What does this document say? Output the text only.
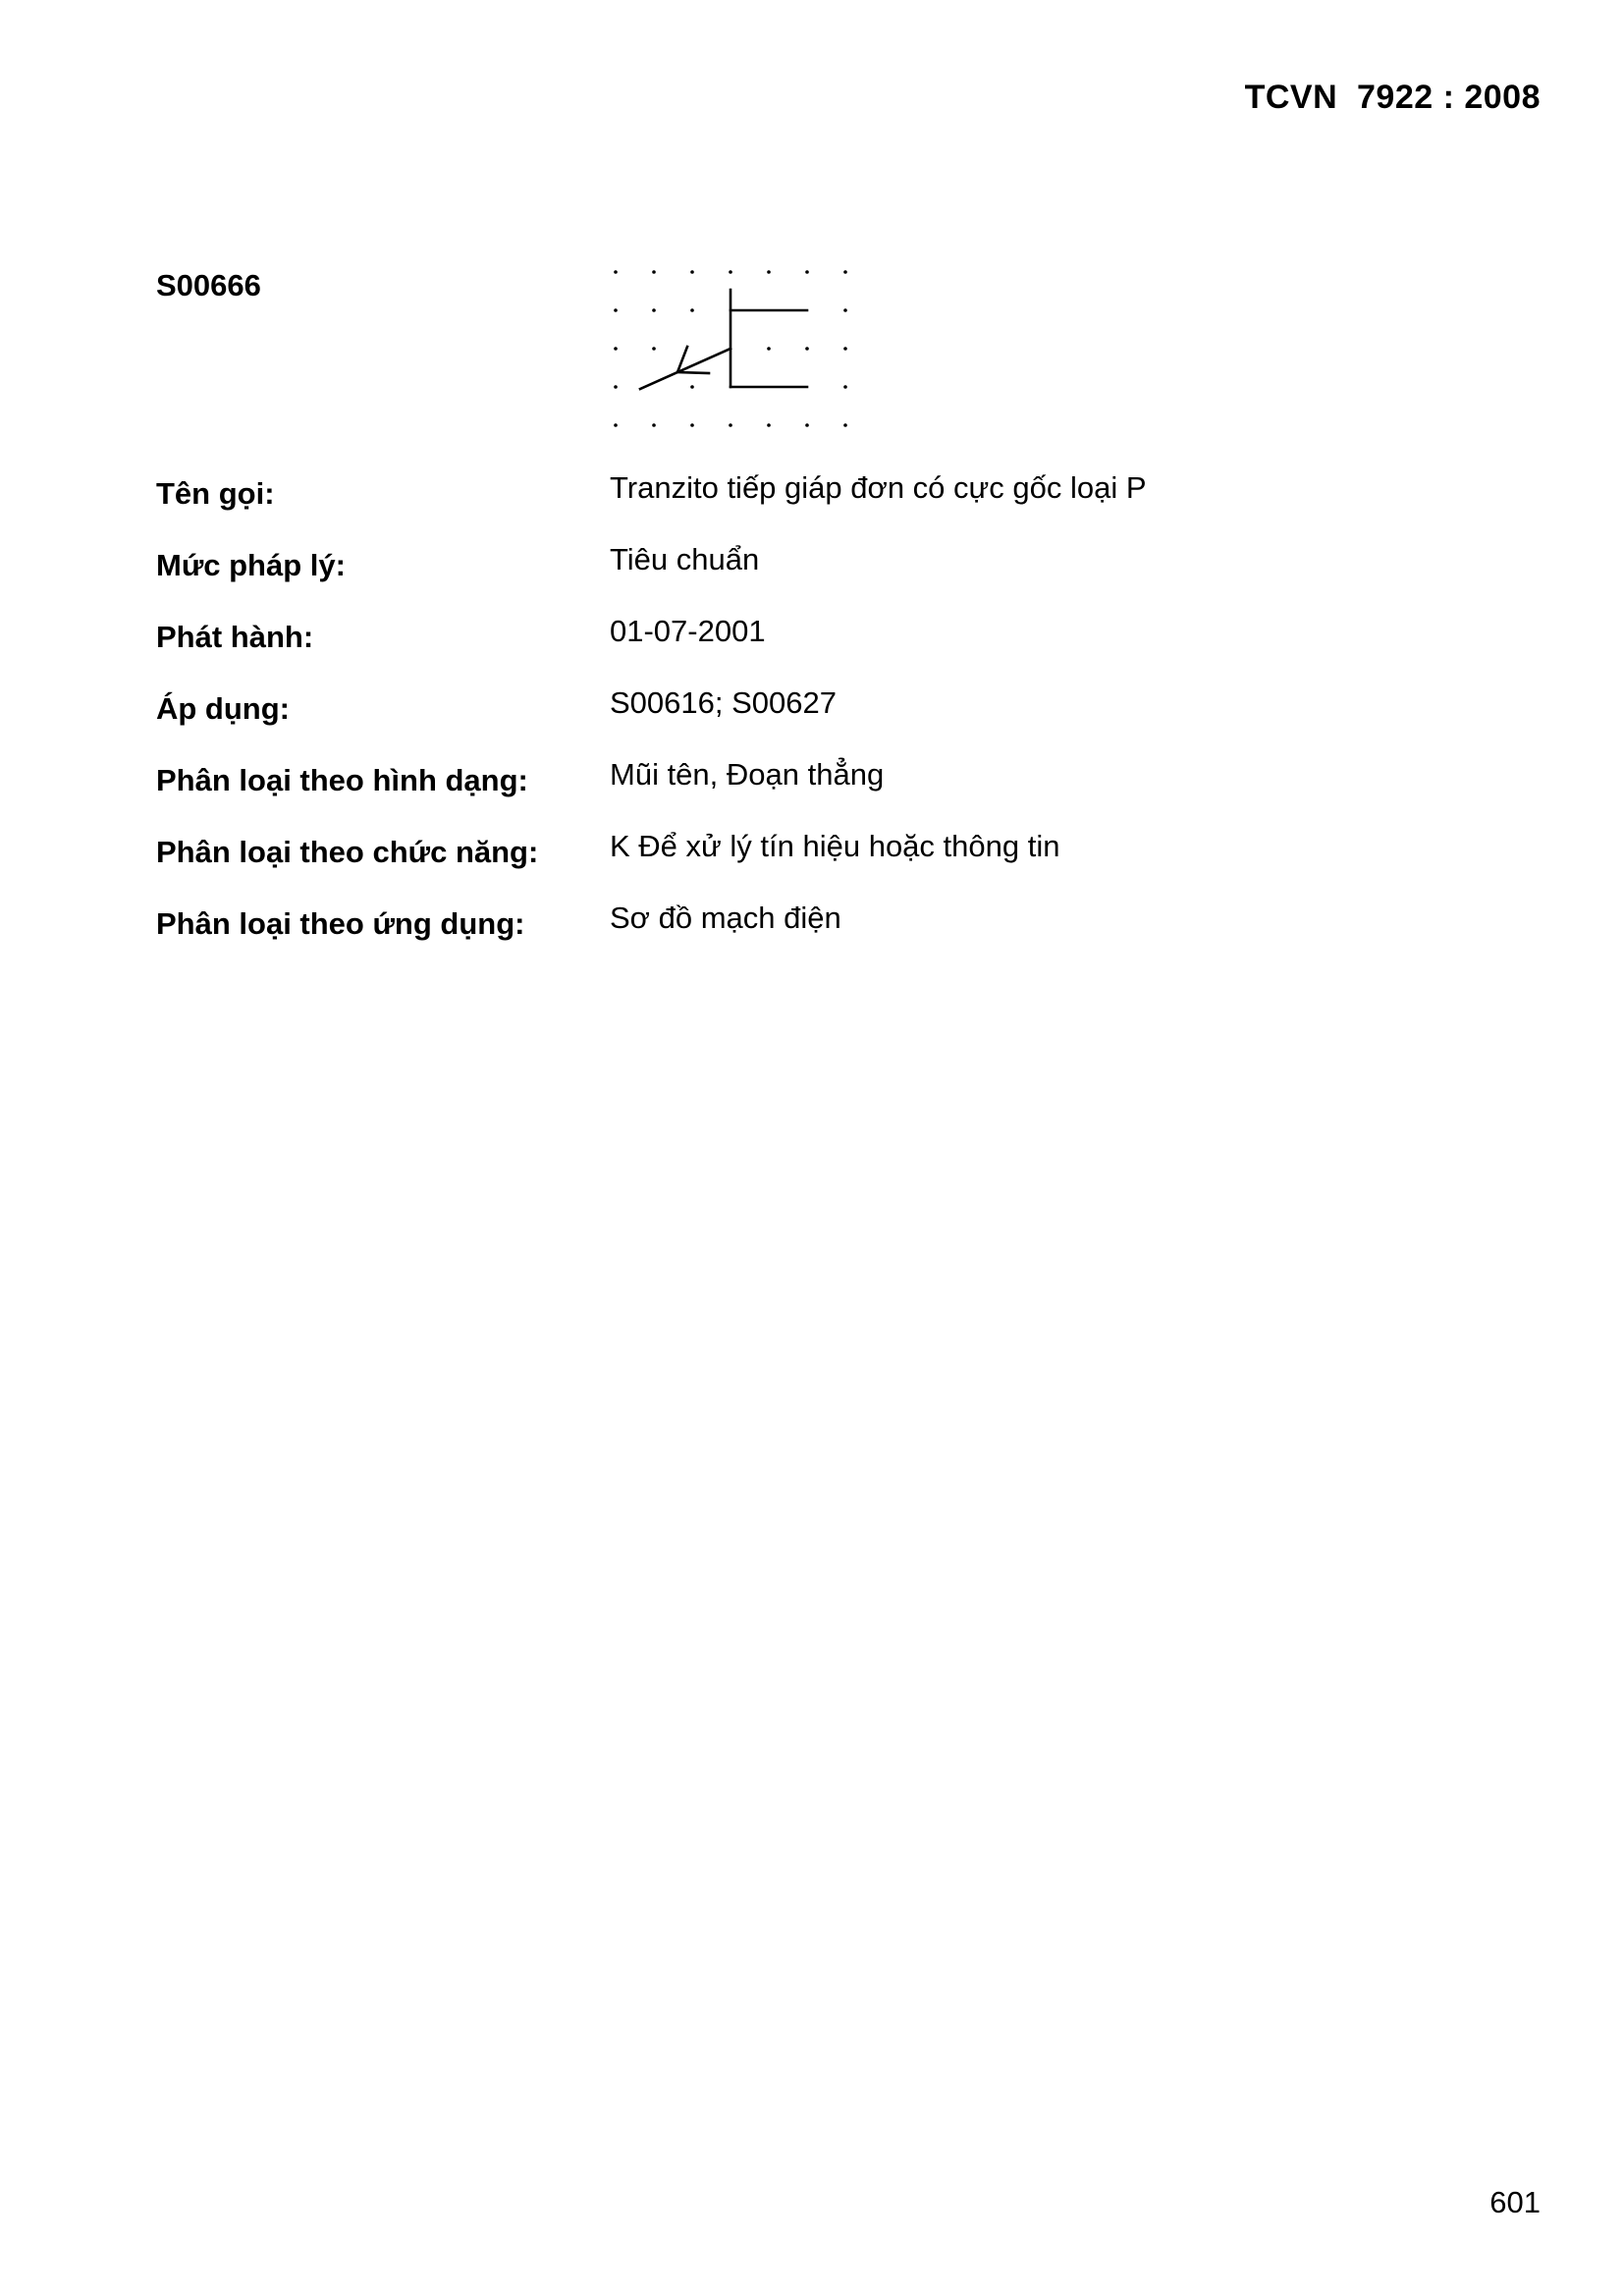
TCVN  7922 : 2008
S00666
Tên gọi:	Tranzito tiếp giáp đơn có cực gốc loại P
Mức pháp lý:	Tiêu chuẩn
Phát hành:	01-07-2001
Áp dụng:	S00616; S00627
Phân loại theo hình dạng:	Mũi tên, Đoạn thẳng
Phân loại theo chức năng: K Để xử lý tín hiệu hoặc thông tin
Phân loại theo ứng dụng:	Sơ đồ mạch điện
601
